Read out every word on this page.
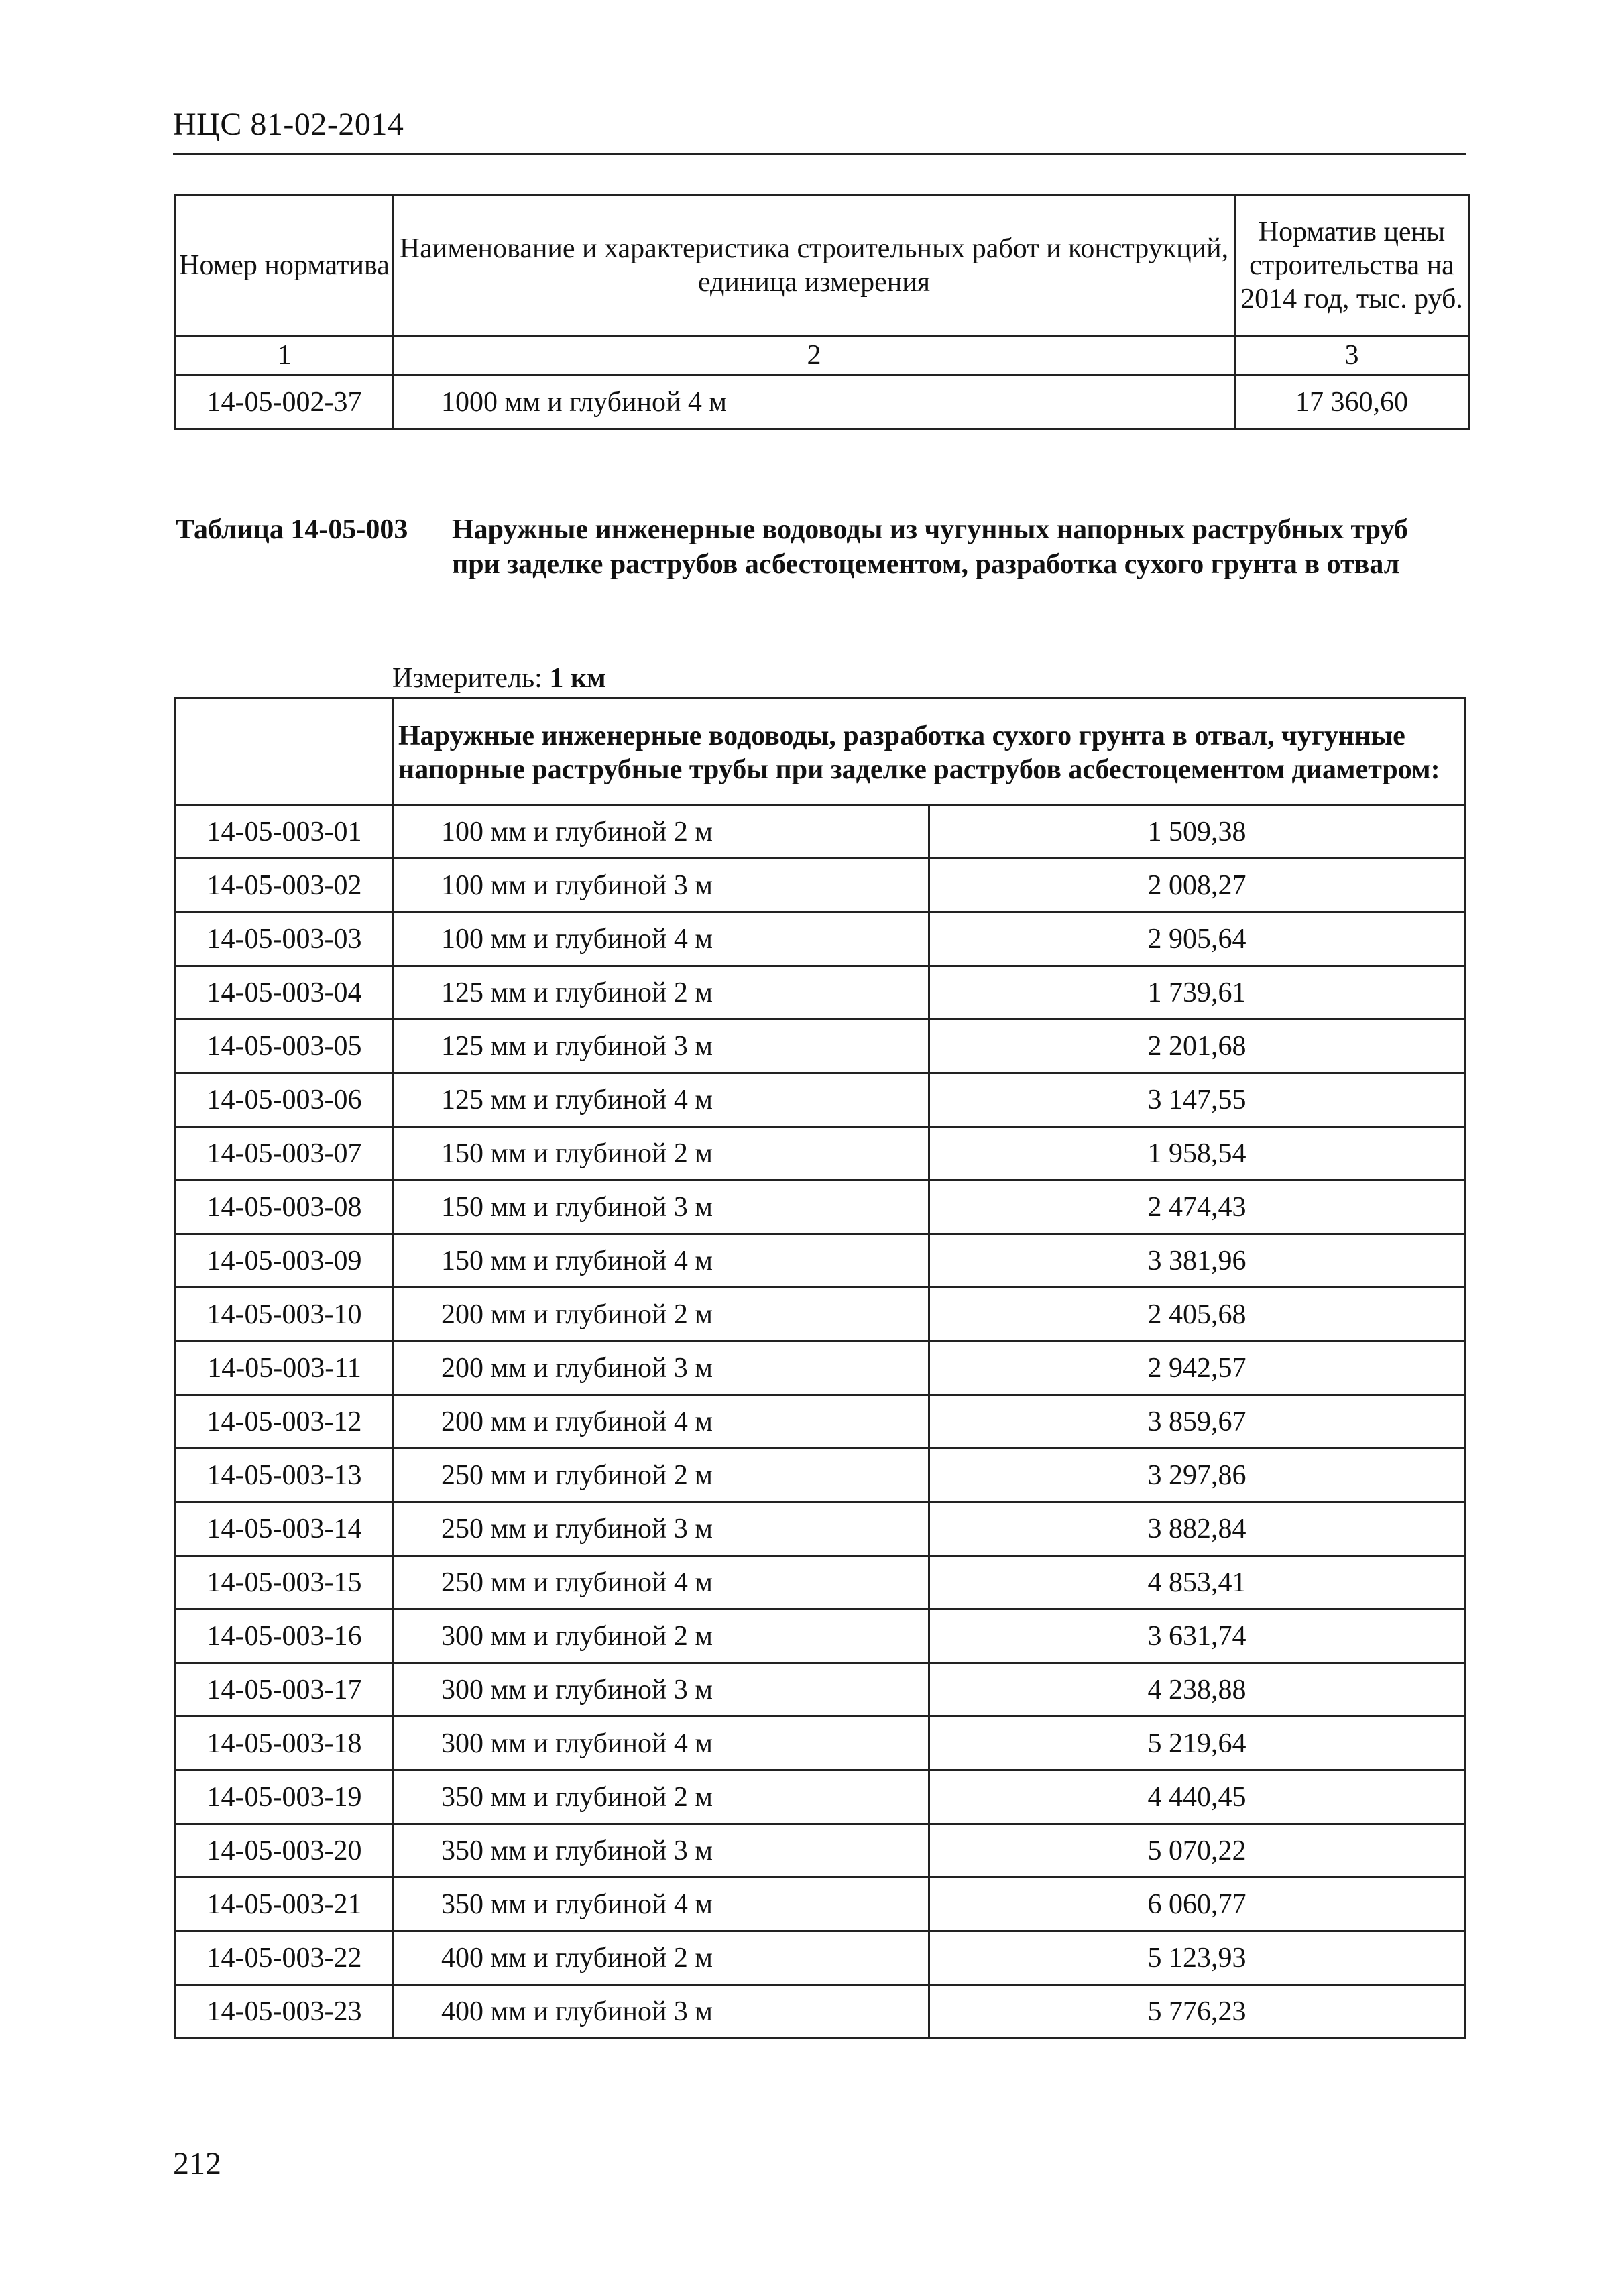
НЦС 81-02-2014
Номер норматива	Наименование и характеристика строительных работ и конструкций, единица измерения	Норматив цены строительства на 2014 год, тыс. руб.
1	2	3
14-05-002-37	1000 мм и глубиной 4 м	17 360,60
Таблица 14-05-003 Наружные инженерные водоводы из чугунных напорных раструбных труб при заделке раструбов асбестоцементом, разработка сухого грунта в отвал
Измеритель: 1 км
	Наружные инженерные водоводы, разработка сухого грунта в отвал, чугунные напорные раструбные трубы при заделке раструбов асбестоцементом диаметром:	
14-05-003-01	100 мм и глубиной 2 м	1 509,38
14-05-003-02	100 мм и глубиной 3 м	2 008,27
14-05-003-03	100 мм и глубиной 4 м	2 905,64
14-05-003-04	125 мм и глубиной 2 м	1 739,61
14-05-003-05	125 мм и глубиной 3 м	2 201,68
14-05-003-06	125 мм и глубиной 4 м	3 147,55
14-05-003-07	150 мм и глубиной 2 м	1 958,54
14-05-003-08	150 мм и глубиной 3 м	2 474,43
14-05-003-09	150 мм и глубиной 4 м	3 381,96
14-05-003-10	200 мм и глубиной 2 м	2 405,68
14-05-003-11	200 мм и глубиной 3 м	2 942,57
14-05-003-12	200 мм и глубиной 4 м	3 859,67
14-05-003-13	250 мм и глубиной 2 м	3 297,86
14-05-003-14	250 мм и глубиной 3 м	3 882,84
14-05-003-15	250 мм и глубиной 4 м	4 853,41
14-05-003-16	300 мм и глубиной 2 м	3 631,74
14-05-003-17	300 мм и глубиной 3 м	4 238,88
14-05-003-18	300 мм и глубиной 4 м	5 219,64
14-05-003-19	350 мм и глубиной 2 м	4 440,45
14-05-003-20	350 мм и глубиной 3 м	5 070,22
14-05-003-21	350 мм и глубиной 4 м	6 060,77
14-05-003-22	400 мм и глубиной 2 м	5 123,93
14-05-003-23	400 мм и глубиной 3 м	5 776,23
212
